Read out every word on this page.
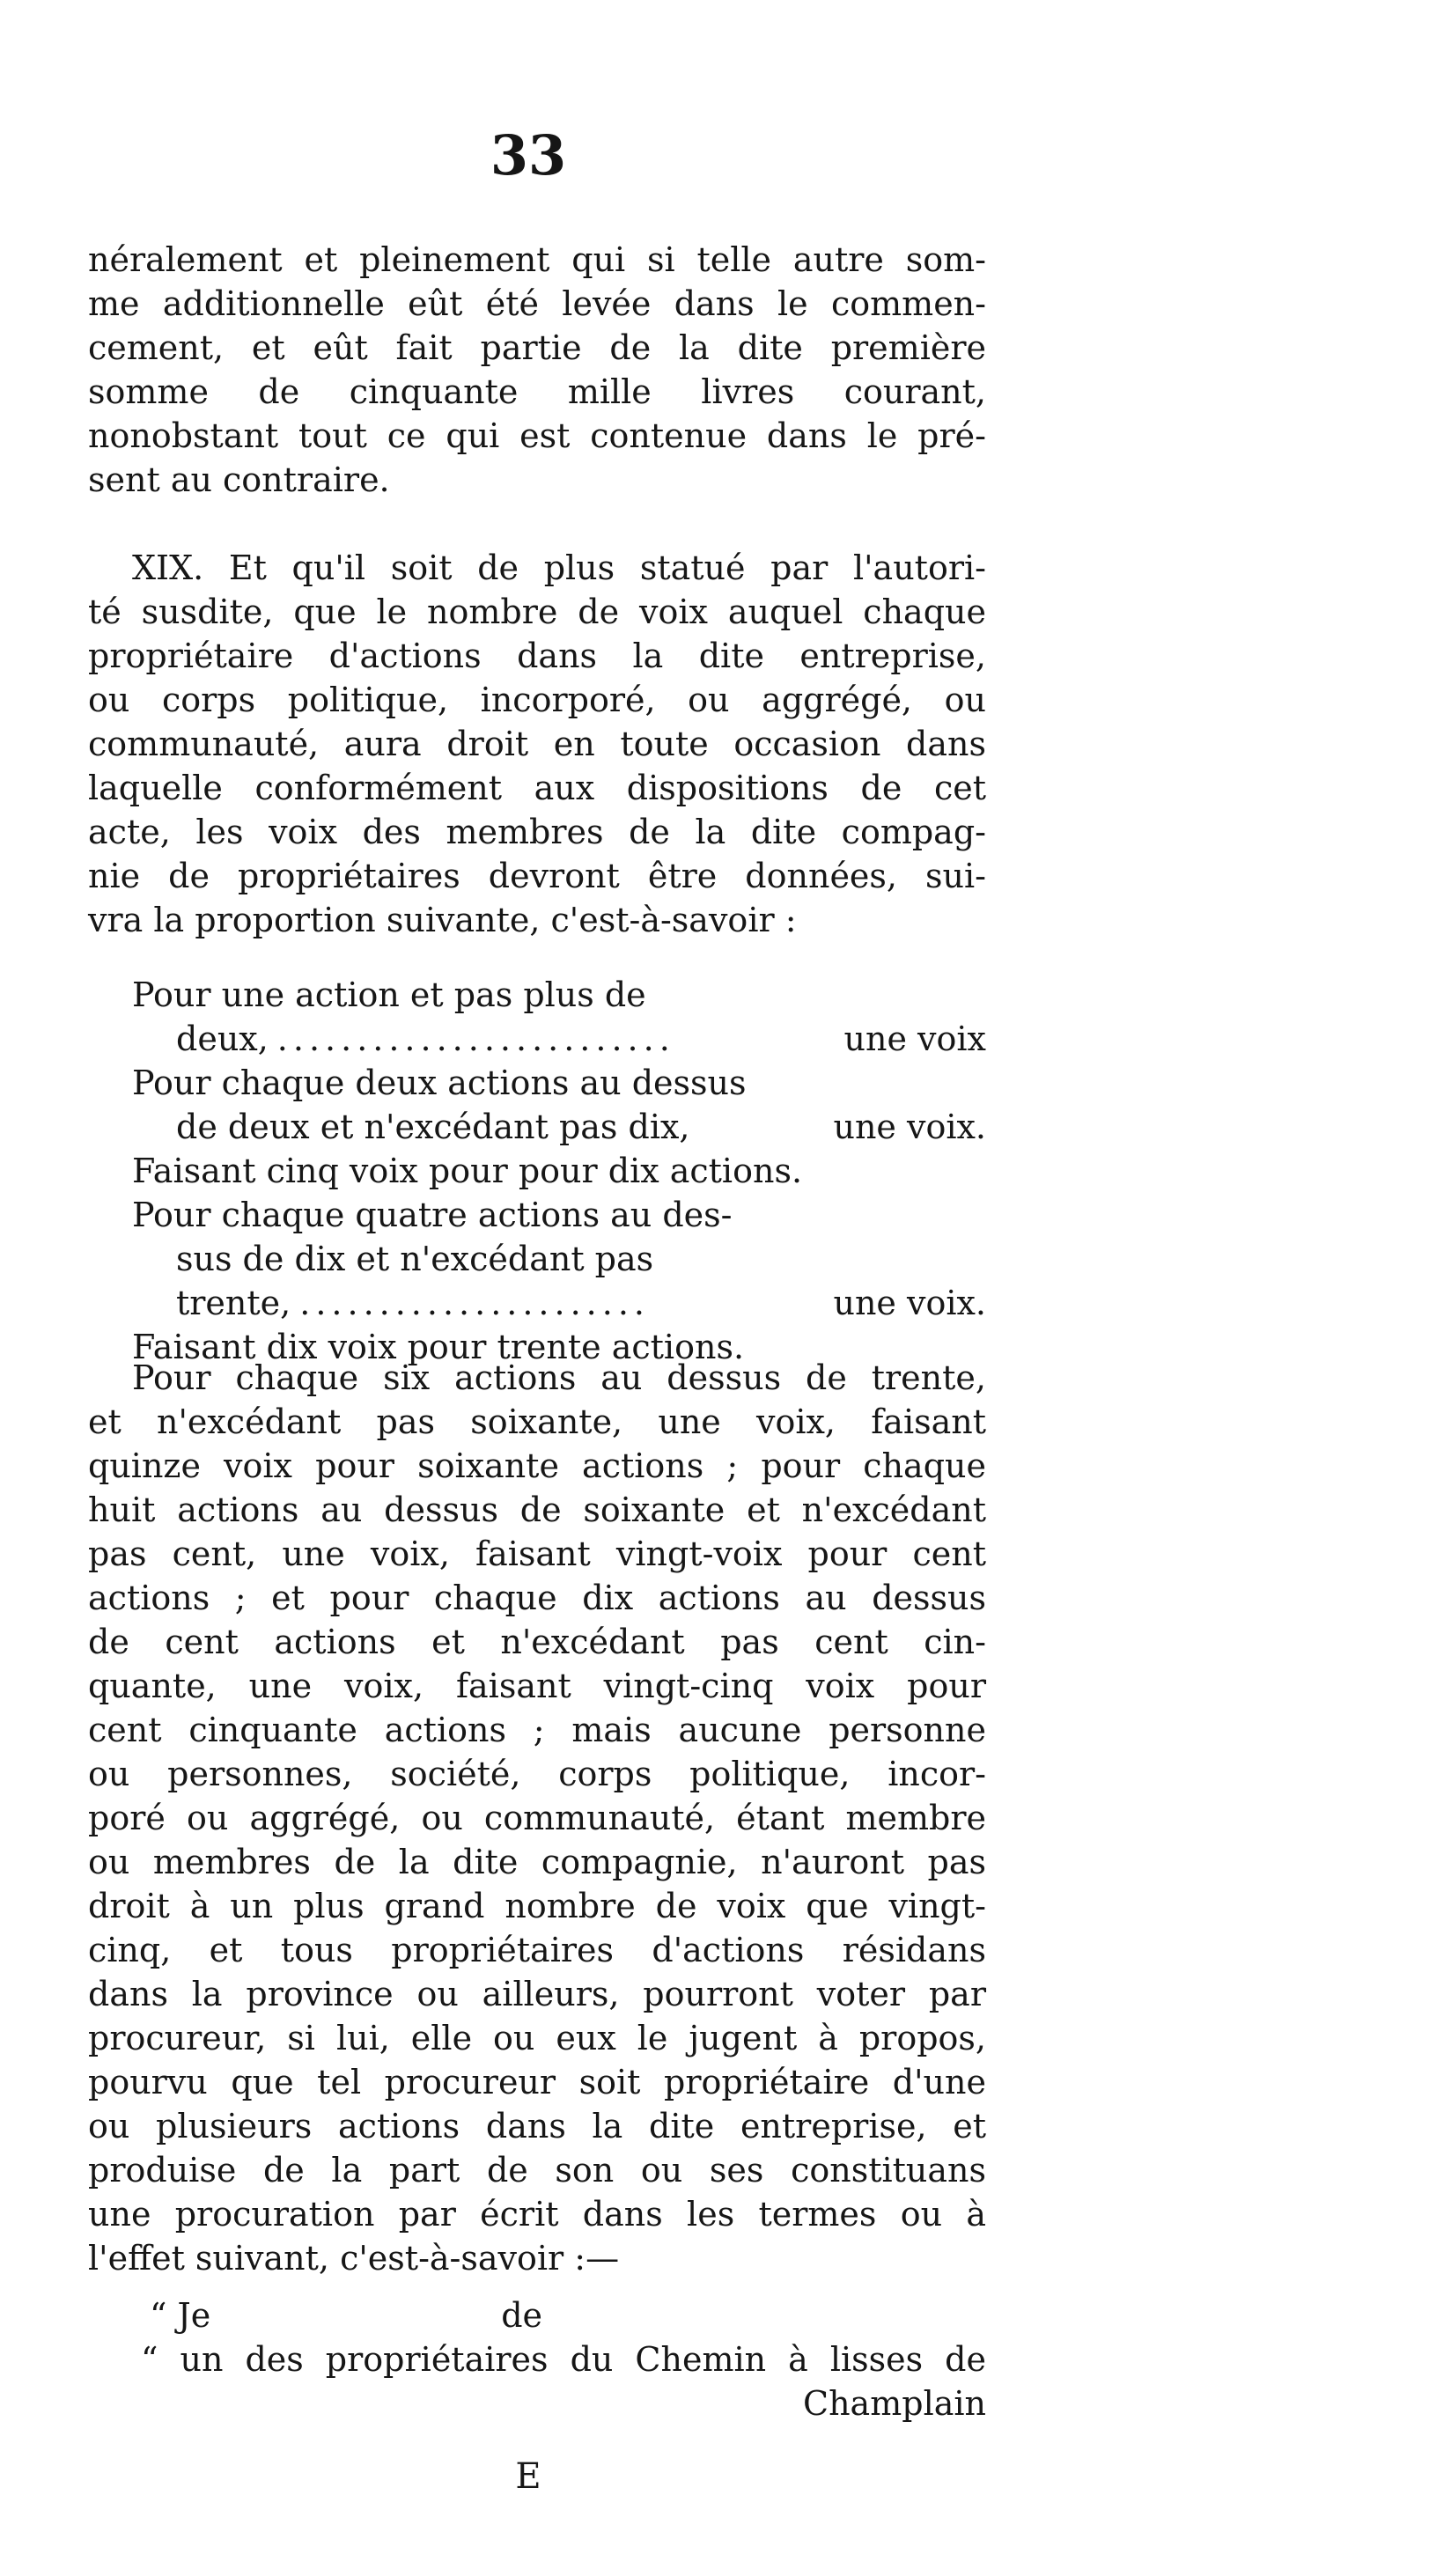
33
néralement et pleinement qui si telle autre som-
me additionnelle eût été levée dans le commen-
cement, et eût fait partie de la dite première
somme de cinquante mille livres courant,
nonobstant tout ce qui est contenue dans le pré-
sent au contraire.
XIX. Et qu'il soit de plus statué par l'autori-
té susdite, que le nombre de voix auquel chaque
propriétaire d'actions dans la dite entreprise,
ou corps politique, incorporé, ou aggrégé, ou
communauté, aura droit en toute occasion dans
laquelle conformément aux dispositions de cet
acte, les voix des membres de la dite compag-
nie de propriétaires devront être données, sui-
vra la proportion suivante, c'est-à-savoir :
Pour une action et pas plus de
deux, .........................	une voix
Pour chaque deux actions au dessus
de deux et n'excédant pas dix,	une voix.
Faisant cinq voix pour pour dix actions.
Pour chaque quatre actions au des-
sus de dix et n'excédant pas
trente, ......................	une voix.
Faisant dix voix pour trente actions.
Pour chaque six actions au dessus de trente,
et n'excédant pas soixante, une voix, faisant
quinze voix pour soixante actions ; pour chaque
huit actions au dessus de soixante et n'excédant
pas cent, une voix, faisant vingt-voix pour cent
actions ; et pour chaque dix actions au dessus
de cent actions et n'excédant pas cent cin-
quante, une voix, faisant vingt-cinq voix pour
cent cinquante actions ; mais aucune personne
ou personnes, société, corps politique, incor-
poré ou aggrégé, ou communauté, étant membre
ou membres de la dite compagnie, n'auront pas
droit à un plus grand nombre de voix que vingt-
cinq, et tous propriétaires d'actions résidans
dans la province ou ailleurs, pourront voter par
procureur, si lui, elle ou eux le jugent à propos,
pourvu que tel procureur soit propriétaire d'une
ou plusieurs actions dans la dite entreprise, et
produise de la part de son ou ses constituans
une procuration par écrit dans les termes ou à
l'effet suivant, c'est-à-savoir :—
“ Je	de
“ un des propriétaires du Chemin à lisses de
Champlain
E
